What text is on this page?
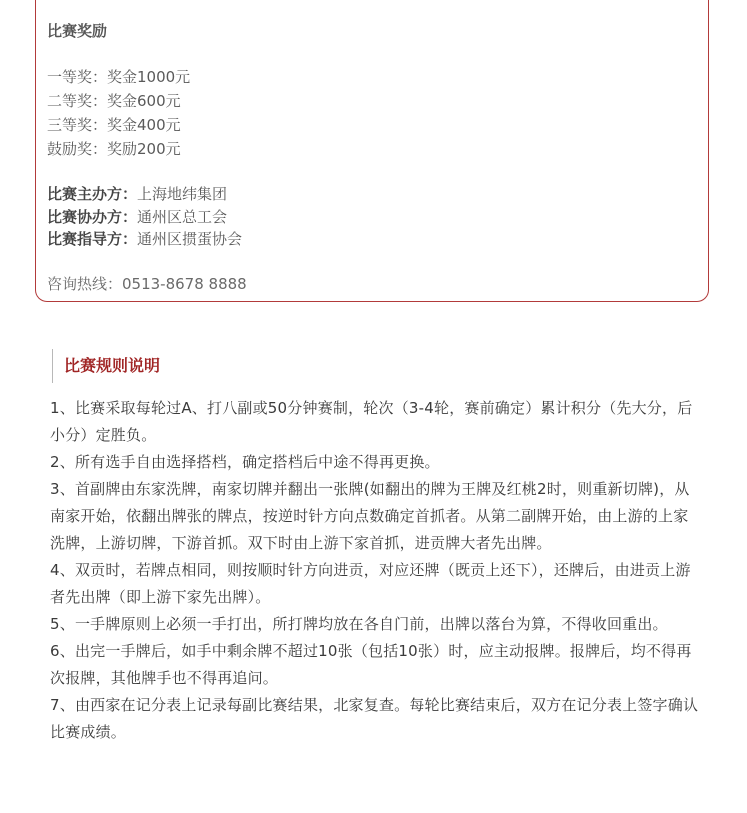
比赛奖励
一等奖：奖金1000元
二等奖：奖金600元
三等奖：奖金400元
鼓励奖：奖励200元
比赛主办方：上海地纬集团
比赛协办方：通州区总工会
比赛指导方：通州区掼蛋协会
咨询热线：0513-8678 8888
比赛规则说明

1、比赛采取每轮过A、打八副或50分钟赛制，轮次（3-4轮，赛前确定）累计积分（先大分，后小分）定胜负。

2、所有选手自由选择搭档，确定搭档后中途不得再更换。

3、首副牌由东家洗牌，南家切牌并翻出一张牌(如翻出的牌为王牌及红桃2时，则重新切牌)，从南家开始，依翻出牌张的牌点，按逆时针方向点数确定首抓者。从第二副牌开始，由上游的上家洗牌，上游切牌，下游首抓。双下时由上游下家首抓，进贡牌大者先出牌。

4、双贡时，若牌点相同，则按顺时针方向进贡，对应还牌（既贡上还下），还牌后，由进贡上游者先出牌（即上游下家先出牌）。

5、一手牌原则上必须一手打出，所打牌均放在各自门前，出牌以落台为算，不得收回重出。

6、出完一手牌后，如手中剩余牌不超过10张（包括10张）时，应主动报牌。报牌后，均不得再次报牌，其他牌手也不得再追问。

7、由西家在记分表上记录每副比赛结果，北家复查。每轮比赛结束后，双方在记分表上签字确认比赛成绩。
